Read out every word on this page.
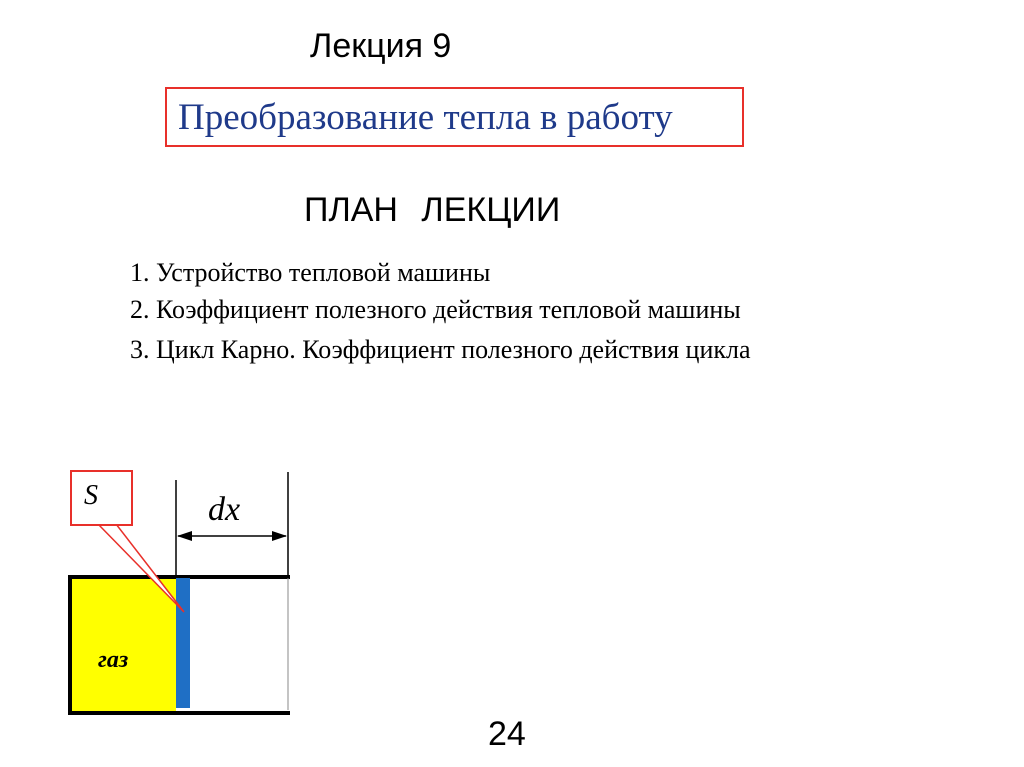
Лекция 9
Преобразование тепла в работу
ПЛАН ЛЕКЦИИ
1. Устройство тепловой машины
2. Коэффициент полезного действия тепловой машины
3. Цикл Карно. Коэффициент полезного действия цикла
S	dx
газ
24
